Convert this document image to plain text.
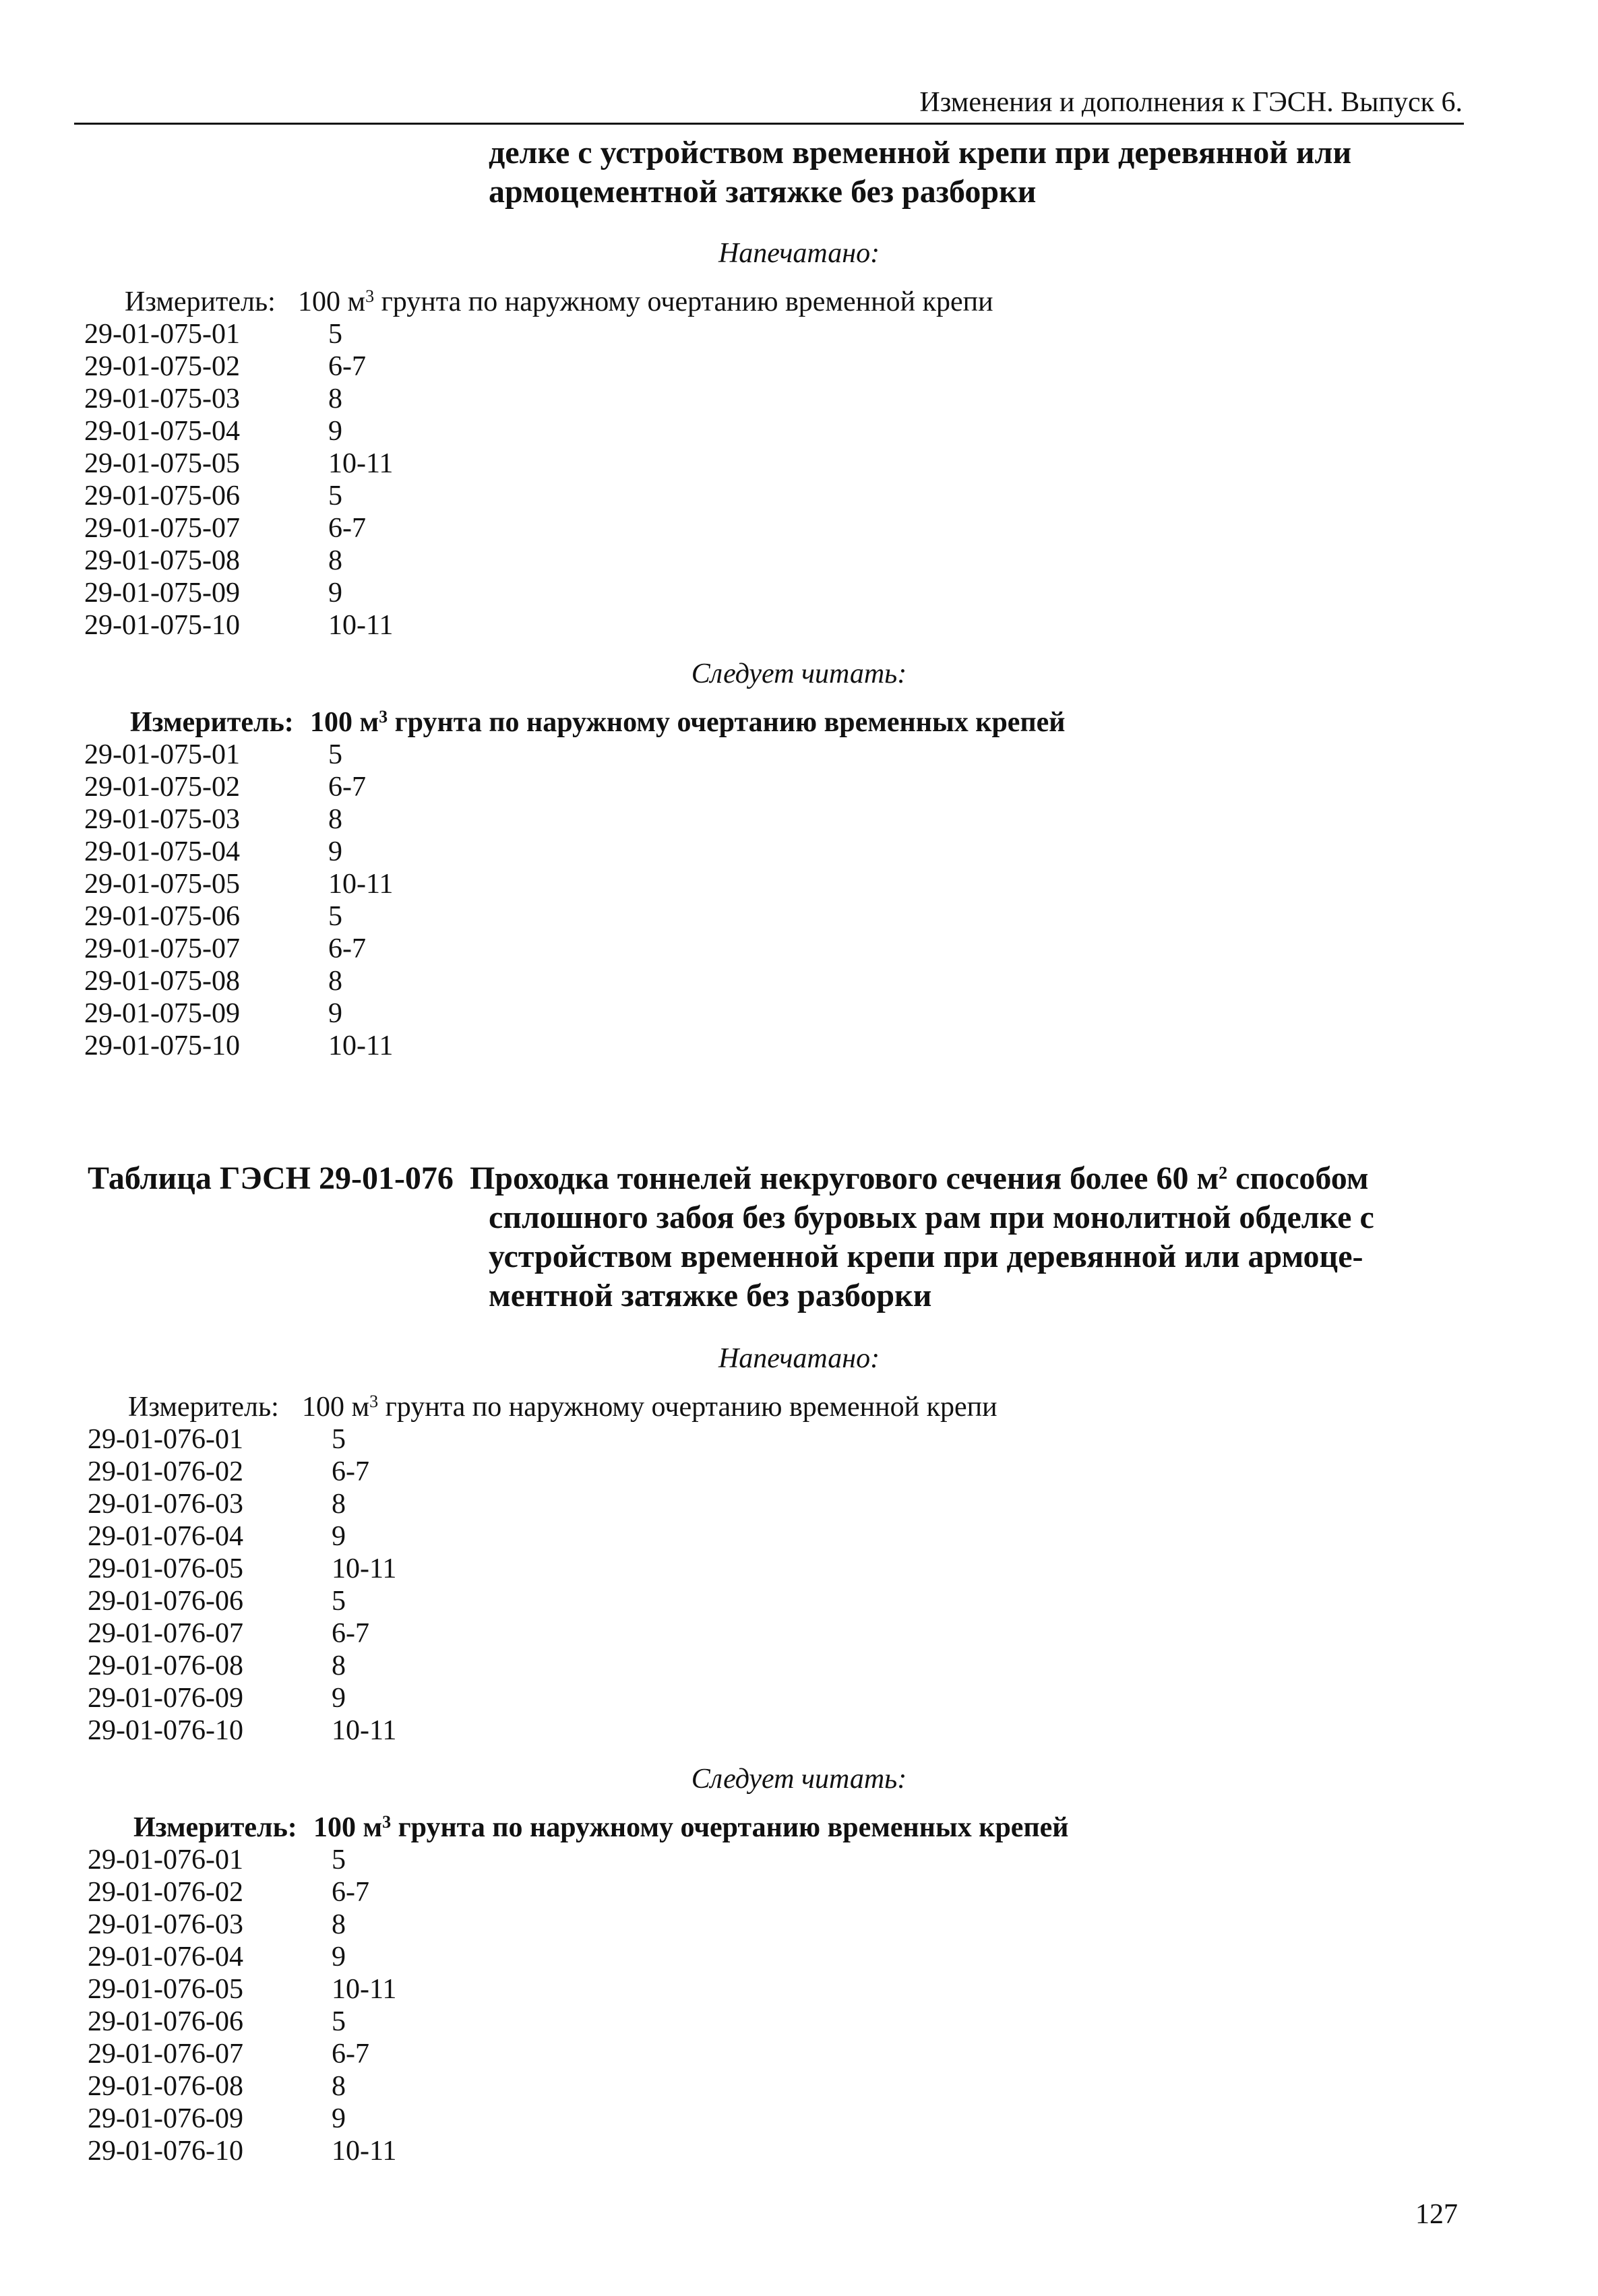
Изменения и дополнения к ГЭСН. Выпуск 6.
делке с устройством временной крепи при деревянной или
армоцементной затяжке без разборки
Напечатано:
Измеритель: 100 $м^3$ грунта по наружному очертанию временной крепи
29-01-075-01	5
29-01-075-02	6-7
29-01-075-03	8
29-01-075-04	9
29-01-075-05	10-11
29-01-075-06	5
29-01-075-07	6-7
29-01-075-08	8
29-01-075-09	9
29-01-075-10	10-11
Следует читать:
Измеритель: 100 $м^3$ грунта по наружному очертанию временных крепей
29-01-075-01	5
29-01-075-02	6-7
29-01-075-03	8
29-01-075-04	9
29-01-075-05	10-11
29-01-075-06	5
29-01-075-07	6-7
29-01-075-08	8
29-01-075-09	9
29-01-075-10	10-11
Таблица ГЭСН 29-01-076 Проходка тоннелей некругового сечения более 60 $м^2$ способом
сплошного забоя без буровых рам при монолитной обделке с
устройством временной крепи при деревянной или армоце-
ментной затяжке без разборки
Напечатано:
Измеритель: 100 $м^3$ грунта по наружному очертанию временной крепи
29-01-076-01	5
29-01-076-02	6-7
29-01-076-03	8
29-01-076-04	9
29-01-076-05	10-11
29-01-076-06	5
29-01-076-07	6-7
29-01-076-08	8
29-01-076-09	9
29-01-076-10	10-11
Следует читать:
Измеритель: 100 $м^3$ грунта по наружному очертанию временных крепей
29-01-076-01	5
29-01-076-02	6-7
29-01-076-03	8
29-01-076-04	9
29-01-076-05	10-11
29-01-076-06	5
29-01-076-07	6-7
29-01-076-08	8
29-01-076-09	9
29-01-076-10	10-11
127
